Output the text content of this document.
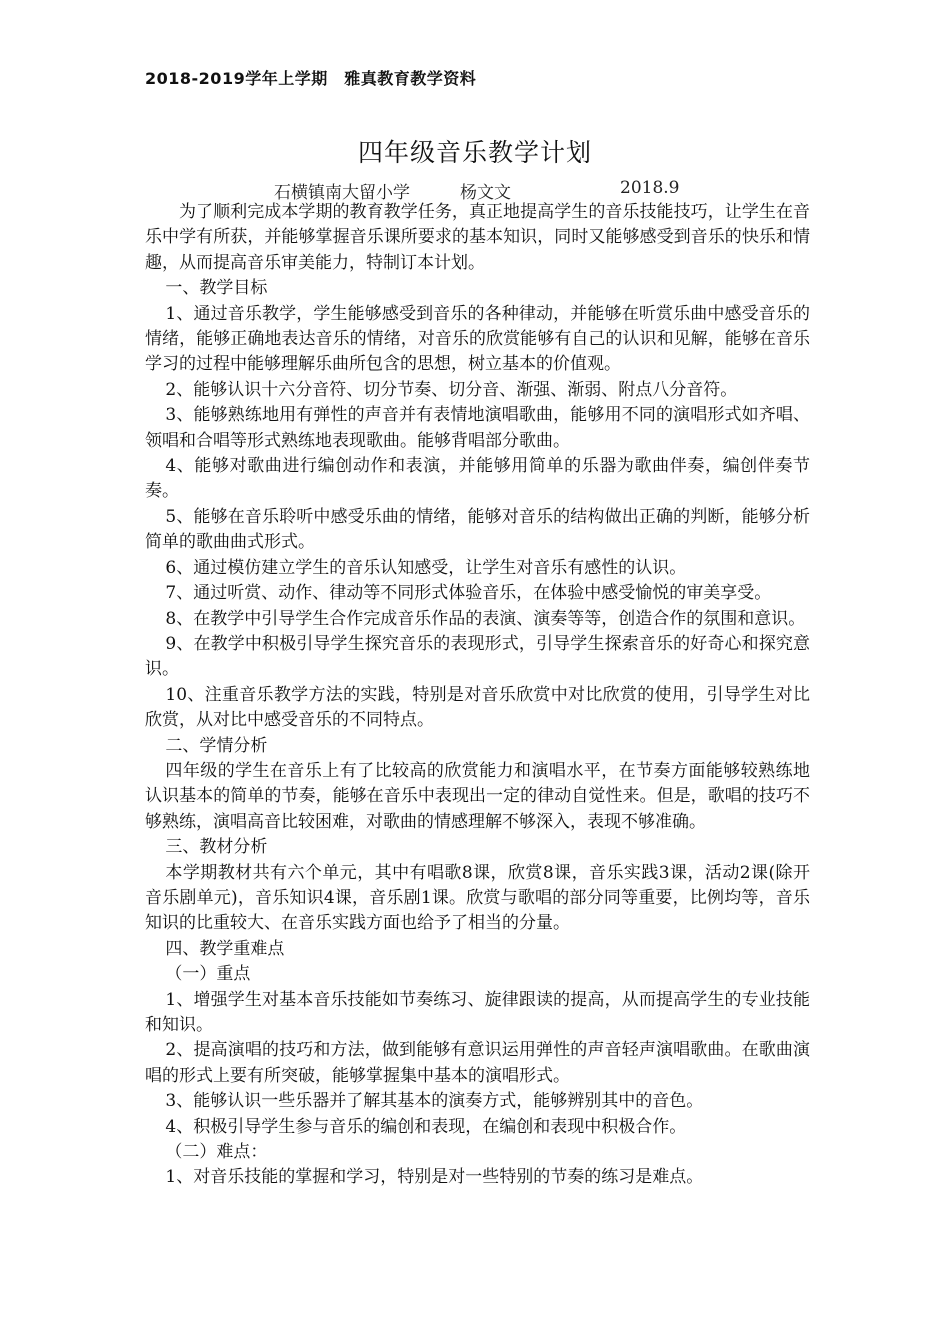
2018-2019学年上学期　雅真教育教学资料
四年级音乐教学计划
石横镇南大留小学	杨文文	2018.9

为了顺利完成本学期的教育教学任务，真正地提高学生的音乐技能技巧，让学生在音乐中学有所获，并能够掌握音乐课所要求的基本知识，同时又能够感受到音乐的快乐和情趣，从而提高音乐审美能力，特制订本计划。

一、教学目标

1、通过音乐教学，学生能够感受到音乐的各种律动，并能够在听赏乐曲中感受音乐的情绪，能够正确地表达音乐的情绪，对音乐的欣赏能够有自己的认识和见解，能够在音乐学习的过程中能够理解乐曲所包含的思想，树立基本的价值观。

2、能够认识十六分音符、切分节奏、切分音、渐强、渐弱、附点八分音符。

3、能够熟练地用有弹性的声音并有表情地演唱歌曲，能够用不同的演唱形式如齐唱、领唱和合唱等形式熟练地表现歌曲。能够背唱部分歌曲。

4、能够对歌曲进行编创动作和表演，并能够用简单的乐器为歌曲伴奏，编创伴奏节奏。

5、能够在音乐聆听中感受乐曲的情绪，能够对音乐的结构做出正确的判断，能够分析简单的歌曲曲式形式。

6、通过模仿建立学生的音乐认知感受，让学生对音乐有感性的认识。

7、通过听赏、动作、律动等不同形式体验音乐，在体验中感受愉悦的审美享受。

8、在教学中引导学生合作完成音乐作品的表演、演奏等等，创造合作的氛围和意识。

9、在教学中积极引导学生探究音乐的表现形式，引导学生探索音乐的好奇心和探究意识。

10、注重音乐教学方法的实践，特别是对音乐欣赏中对比欣赏的使用，引导学生对比欣赏，从对比中感受音乐的不同特点。

二、学情分析

四年级的学生在音乐上有了比较高的欣赏能力和演唱水平，在节奏方面能够较熟练地认识基本的简单的节奏，能够在音乐中表现出一定的律动自觉性来。但是，歌唱的技巧不够熟练，演唱高音比较困难，对歌曲的情感理解不够深入，表现不够准确。

三、教材分析

本学期教材共有六个单元，其中有唱歌8课，欣赏8课，音乐实践3课，活动2课(除开音乐剧单元)，音乐知识4课，音乐剧1课。欣赏与歌唱的部分同等重要，比例均等，音乐知识的比重较大、在音乐实践方面也给予了相当的分量。

四、教学重难点

（一）重点

1、增强学生对基本音乐技能如节奏练习、旋律跟读的提高，从而提高学生的专业技能和知识。

2、提高演唱的技巧和方法，做到能够有意识运用弹性的声音轻声演唱歌曲。在歌曲演唱的形式上要有所突破，能够掌握集中基本的演唱形式。

3、能够认识一些乐器并了解其基本的演奏方式，能够辨别其中的音色。

4、积极引导学生参与音乐的编创和表现，在编创和表现中积极合作。

（二）难点：

1、对音乐技能的掌握和学习，特别是对一些特别的节奏的练习是难点。
